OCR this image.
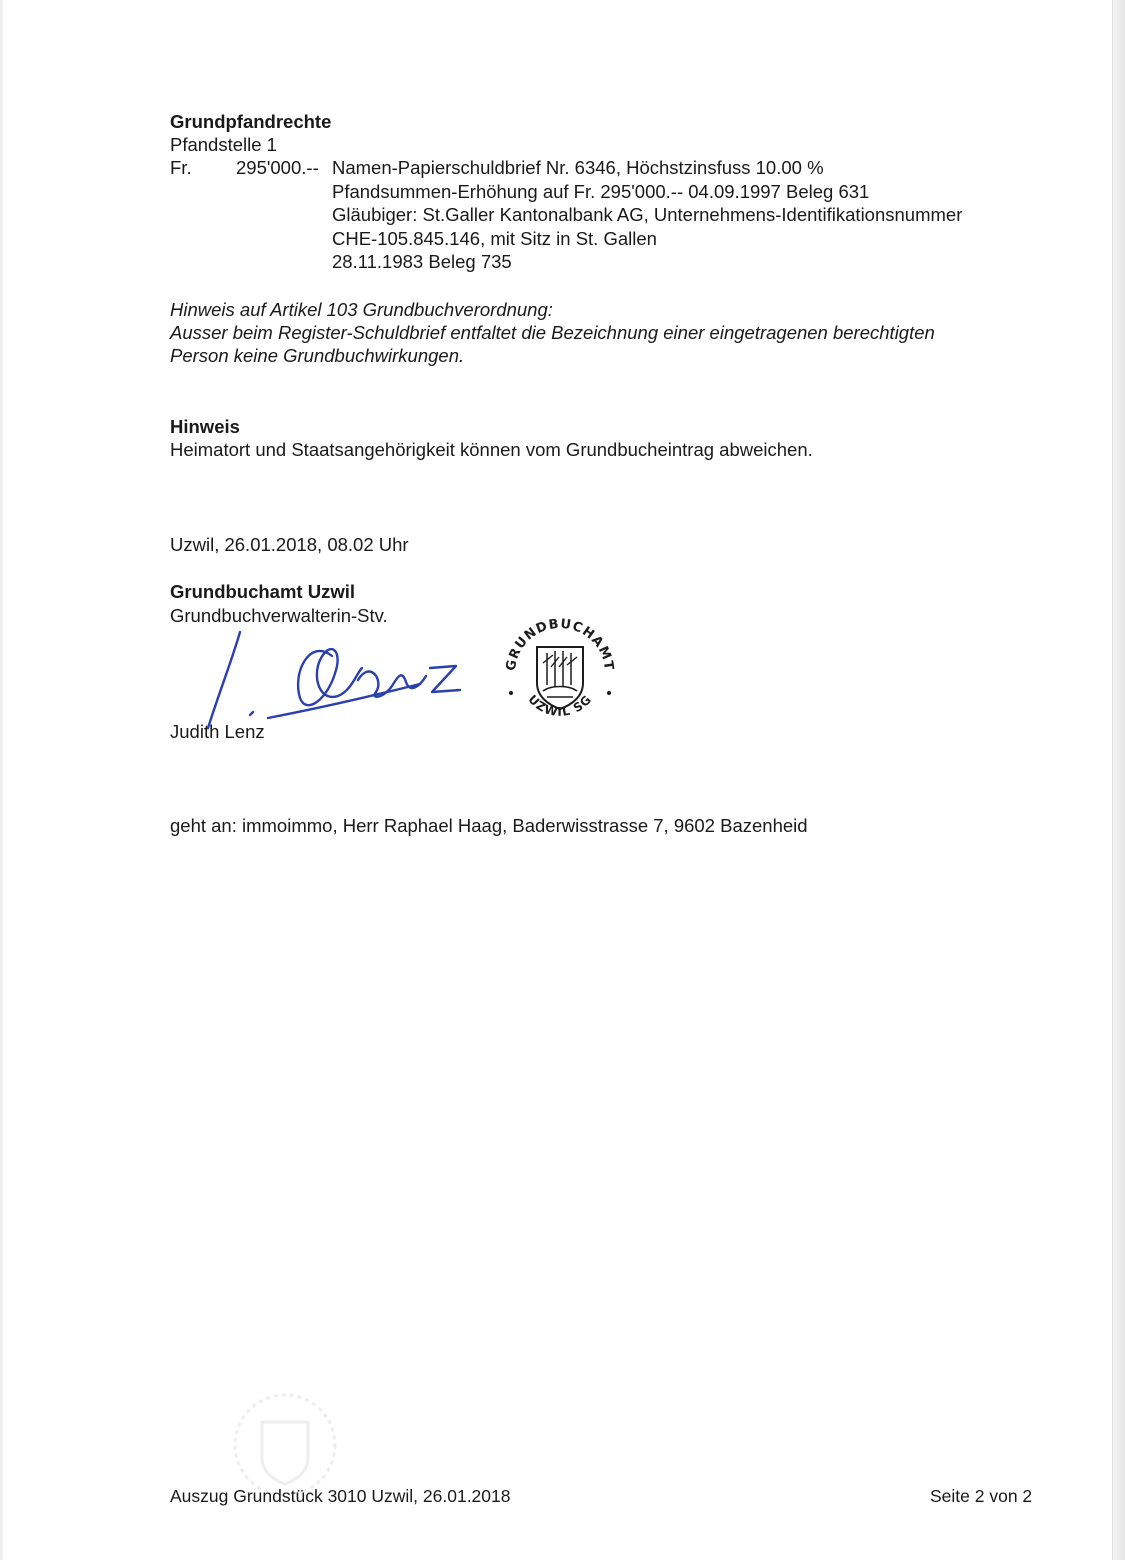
Grundpfandrechte
Pfandstelle 1
Fr. 295'000.-- Namen-Papierschuldbrief Nr. 6346, Höchstzinsfuss 10.00 %
Pfandsummen-Erhöhung auf Fr. 295'000.-- 04.09.1997 Beleg 631
Gläubiger: St.Galler Kantonalbank AG, Unternehmens-Identifikationsnummer
CHE-105.845.146, mit Sitz in St. Gallen
28.11.1983 Beleg 735
Hinweis auf Artikel 103 Grundbuchverordnung:
Ausser beim Register-Schuldbrief entfaltet die Bezeichnung einer eingetragenen berechtigten
Person keine Grundbuchwirkungen.
Hinweis
Heimatort und Staatsangehörigkeit können vom Grundbucheintrag abweichen.
Uzwil, 26.01.2018, 08.02 Uhr
Grundbuchamt Uzwil
Grundbuchverwalterin-Stv.
Judith Lenz
GRUNDBUCHAMT
UZWIL SG
geht an: immoimmo, Herr Raphael Haag, Baderwisstrasse 7, 9602 Bazenheid
Auszug Grundstück 3010 Uzwil, 26.01.2018	Seite 2 von 2
